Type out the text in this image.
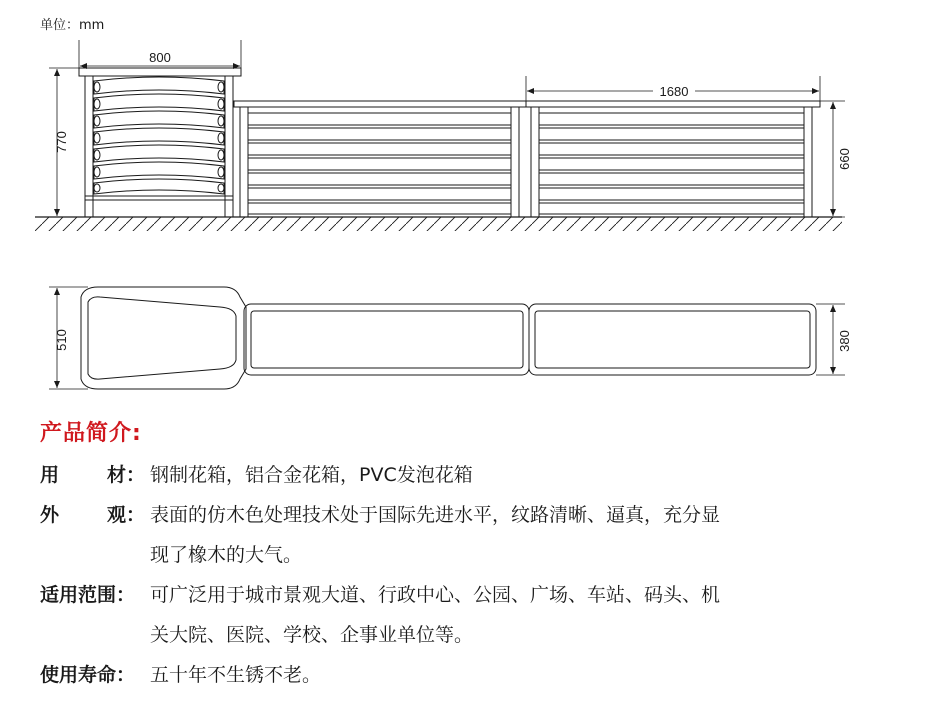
单位：mm
800
1680
770
660
510	380
产品简介:
用	材： 钢制花箱，铝合金花箱，PVC发泡花箱
外	观： 表面的仿木色处理技术处于国际先进水平，纹路清晰、逼真，充分显
现了橡木的大气。
适用范围： 可广泛用于城市景观大道、行政中心、公园、广场、车站、码头、机
关大院、医院、学校、企事业单位等。
使用寿命： 五十年不生锈不老。
